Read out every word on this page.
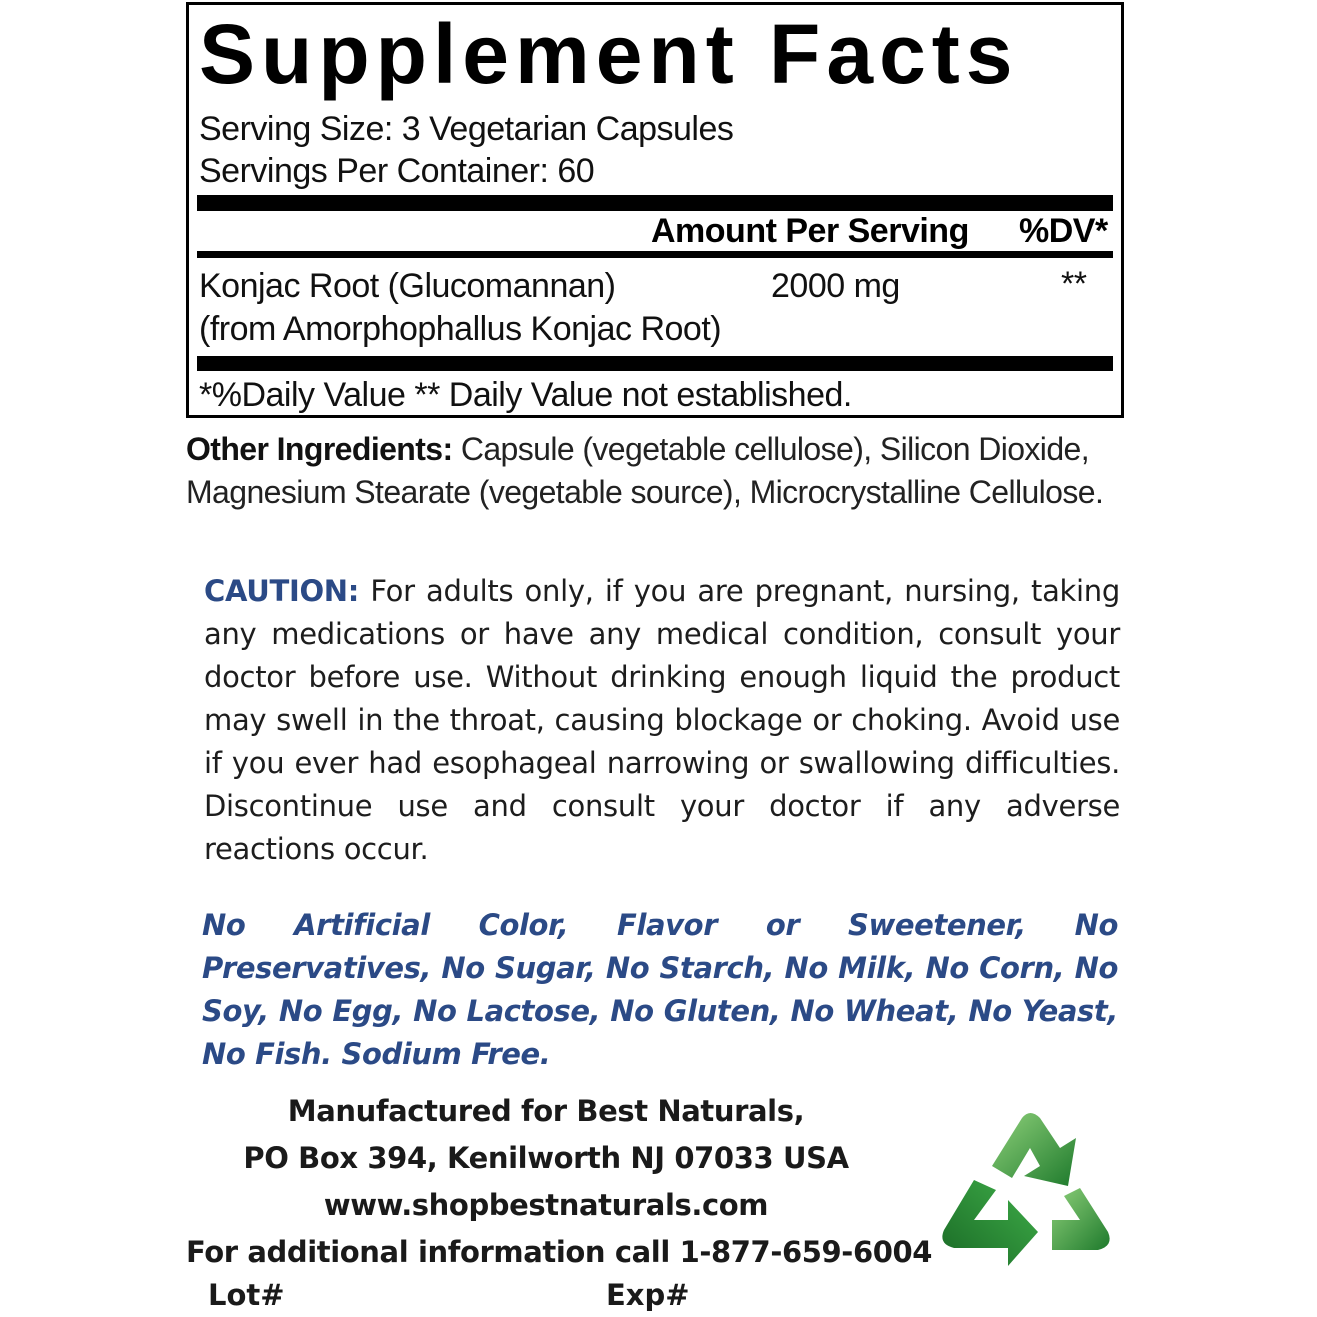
Supplement Facts
Serving Size: 3 Vegetarian Capsules
Servings Per Container: 60
Amount Per Serving %DV*
Konjac Root (Glucomannan)
(from Amorphophallus Konjac Root)
2000 mg	**
*%Daily Value ** Daily Value not established.
Other Ingredients: Capsule (vegetable cellulose), Silicon Dioxide, Magnesium Stearate (vegetable source), Microcrystalline Cellulose.
CAUTION: For adults only, if you are pregnant, nursing, taking any medications or have any medical condition, consult your doctor before use. Without drinking enough liquid the product may swell in the throat, causing blockage or choking. Avoid use if you ever had esophageal narrowing or swallowing difficulties. Discontinue use and consult your doctor if any adverse reactions occur.
No Artificial Color, Flavor or Sweetener, No Preservatives, No Sugar, No Starch, No Milk, No Corn, No Soy, No Egg, No Lactose, No Gluten, No Wheat, No Yeast, No Fish. Sodium Free.
Manufactured for Best Naturals,
PO Box 394, Kenilworth NJ 07033 USA
www.shopbestnaturals.com
For additional information call 1-877-659-6004
Lot#	Exp#
